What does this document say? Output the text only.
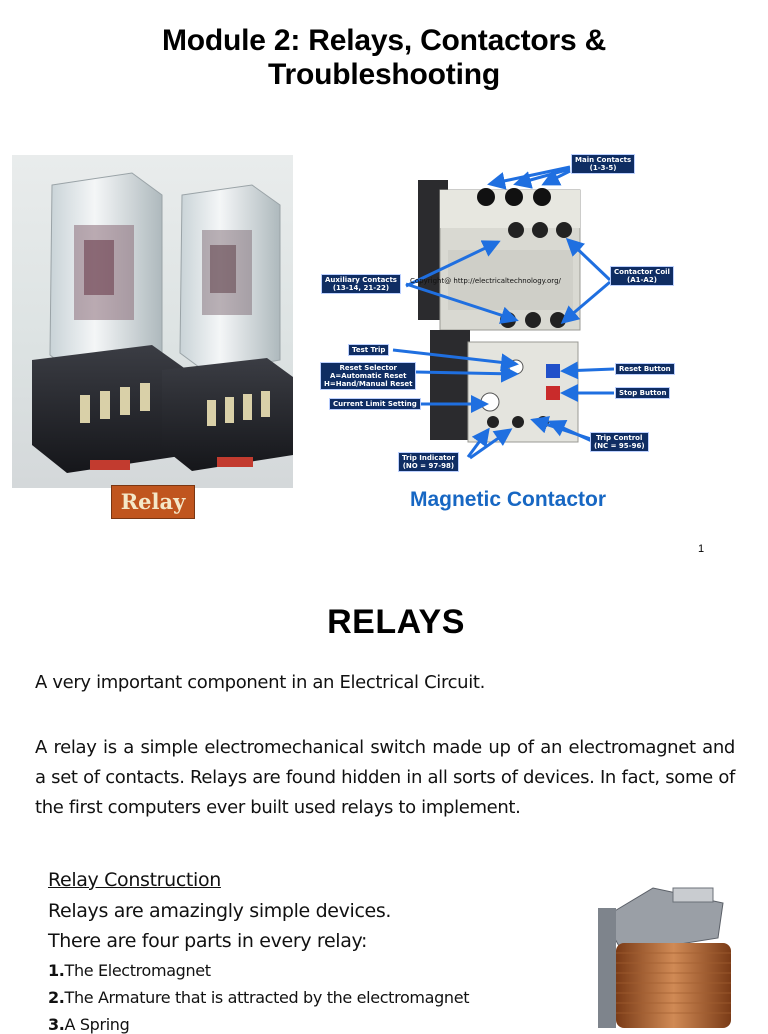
Module 2: Relays, Contactors &
Troubleshooting
Relay
Main Contacts
(1-3-5)
Auxiliary Contacts
(13-14, 21-22)
Contactor Coil
(A1-A2)
Copyright@ http://electricaltechnology.org/
Test Trip
Reset Selector
A=Automatic Reset
H=Hand/Manual Reset
Reset Button
Stop Button
Current Limit Setting
Trip Control
(NC = 95-96)
Trip Indicator
(NO = 97-98)
Magnetic Contactor
1
RELAYS
A very important component in an Electrical Circuit.
A relay is a simple electromechanical switch made up of an electromagnet and a set of contacts. Relays are found hidden in all sorts of devices. In fact, some of the first computers ever built used relays to implement.
Relay Construction
Relays are amazingly simple devices.
There are four parts in every relay:
1.The Electromagnet
2.The Armature that is attracted by the electromagnet
3.A Spring
